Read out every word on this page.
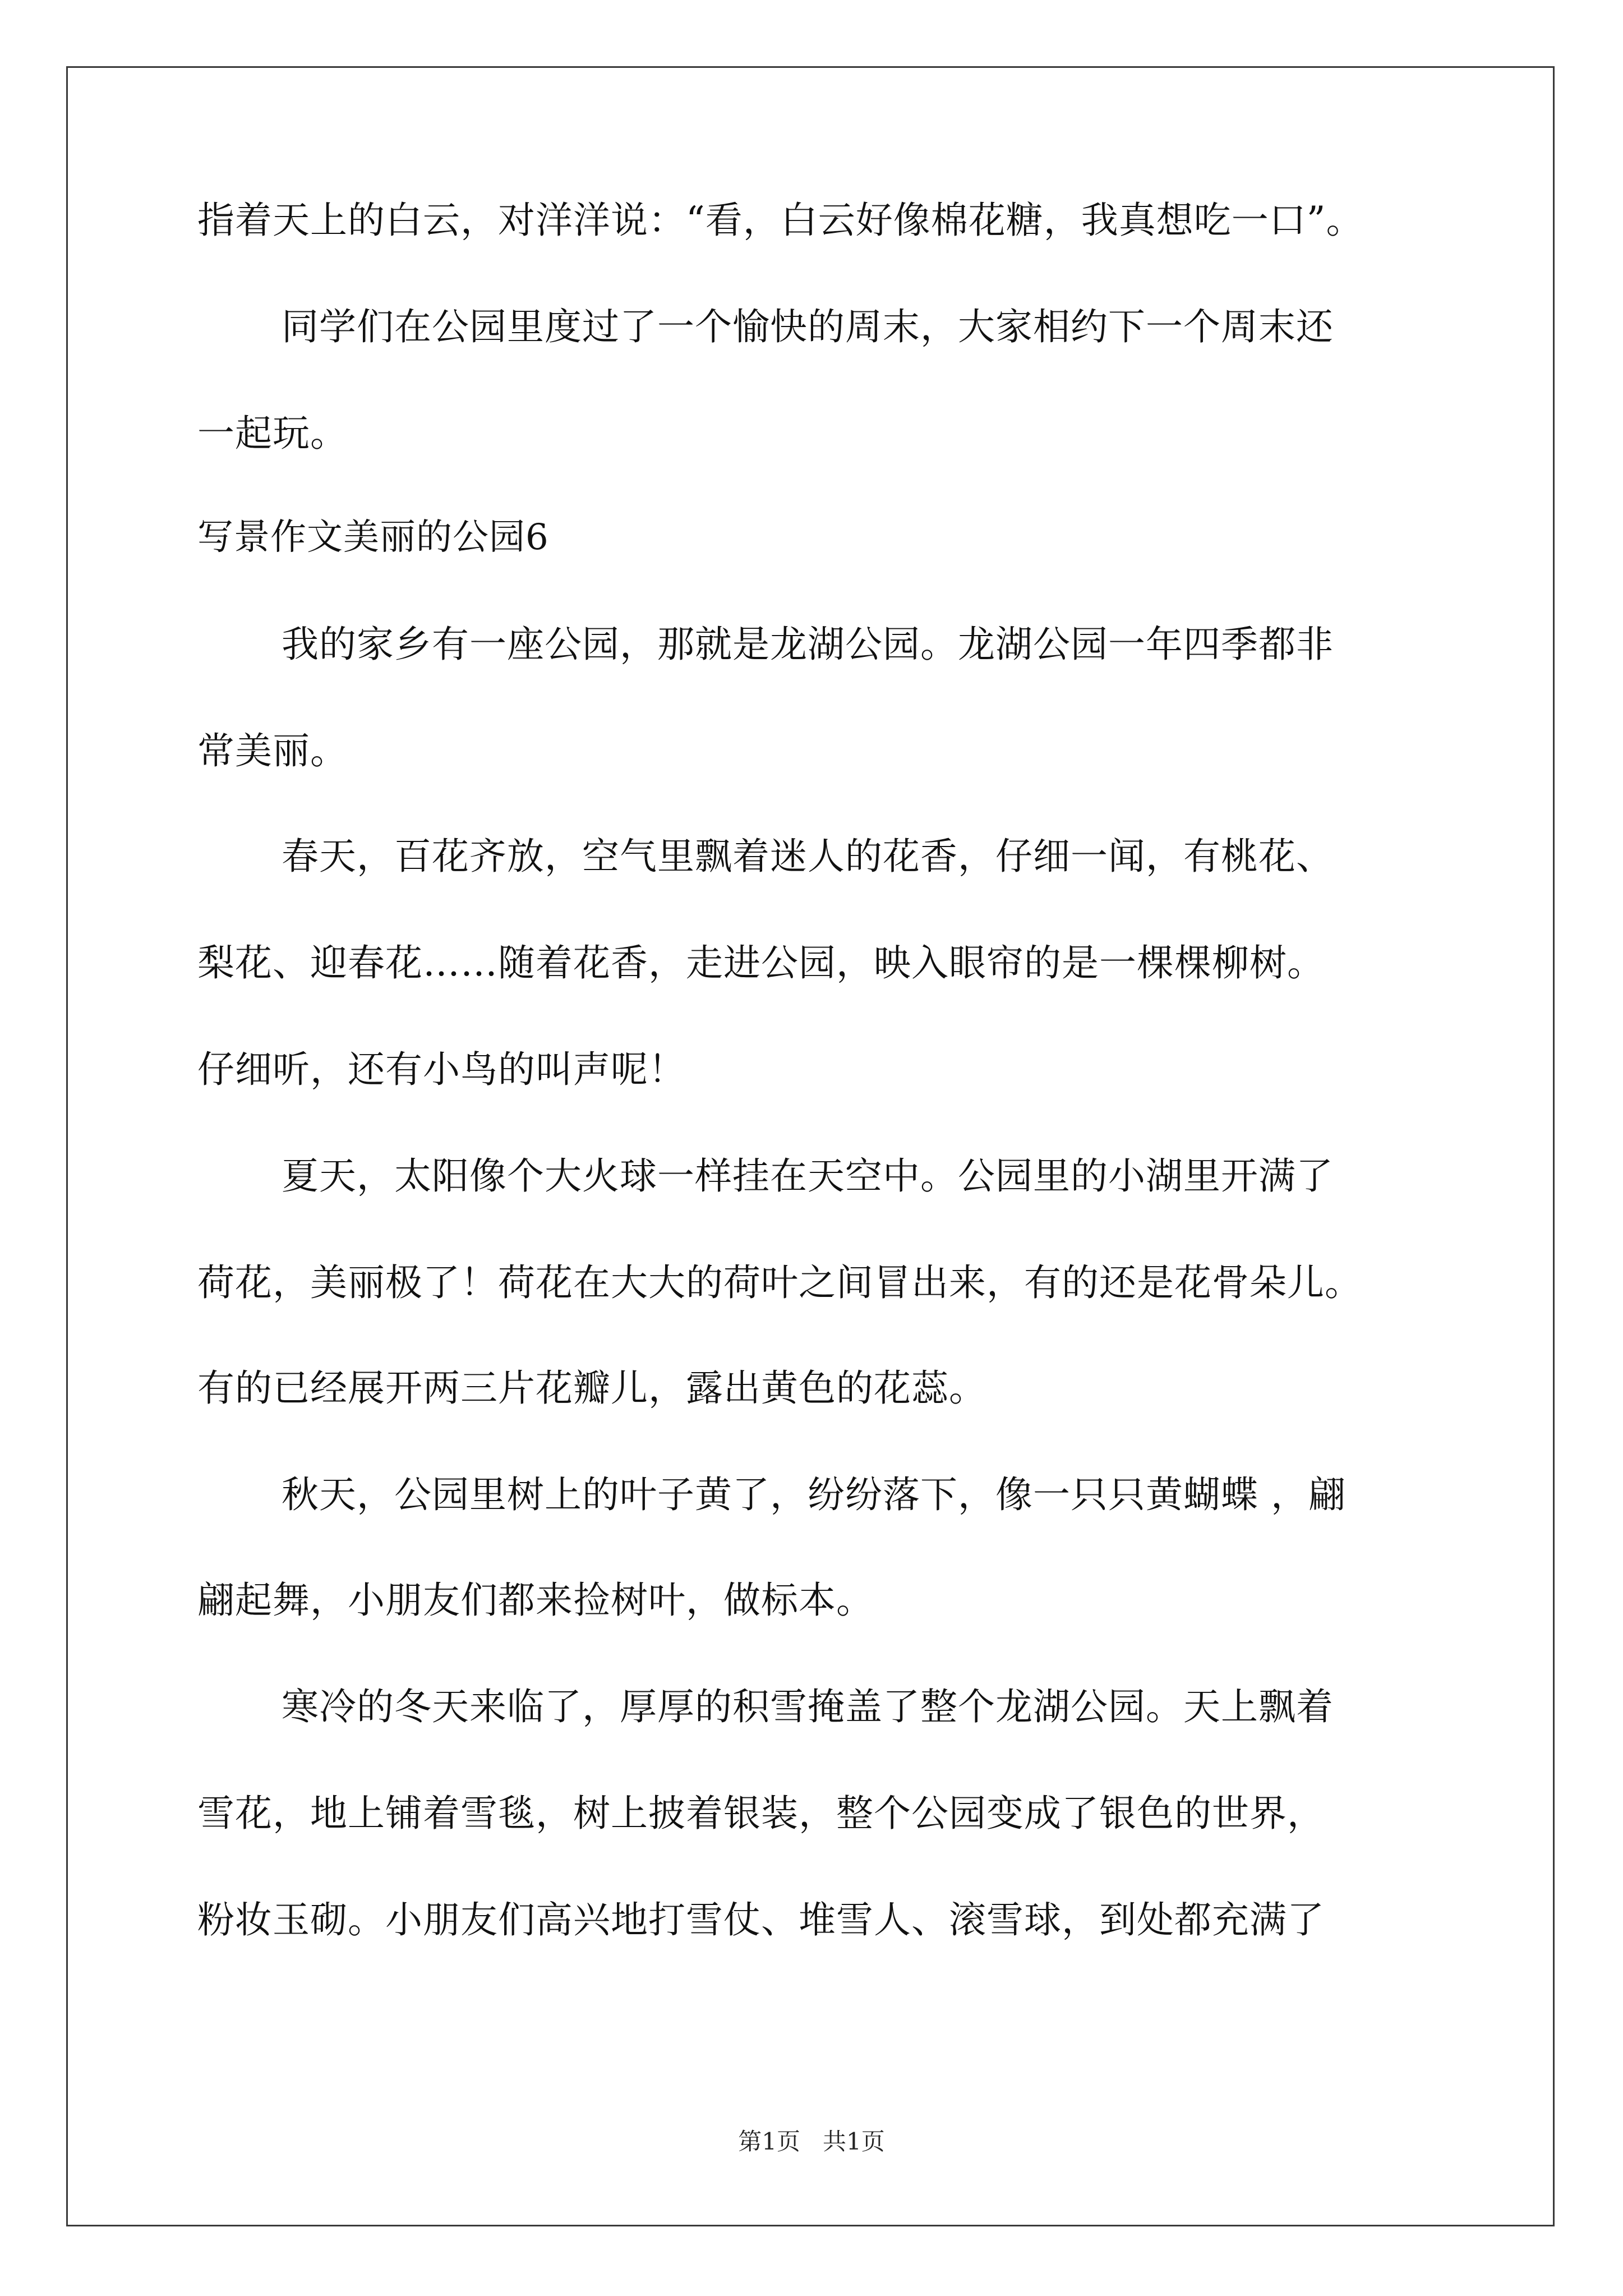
指着天上的白云，对洋洋说：“看，白云好像棉花糖，我真想吃一口”。
同学们在公园里度过了一个愉快的周末，大家相约下一个周末还
一起玩。
写景作文美丽的公园6
我的家乡有一座公园，那就是龙湖公园。龙湖公园一年四季都非
常美丽。
春天，百花齐放，空气里飘着迷人的花香，仔细一闻，有桃花、
梨花、迎春花……随着花香，走进公园，映入眼帘的是一棵棵柳树。
仔细听，还有小鸟的叫声呢！
夏天，太阳像个大火球一样挂在天空中。公园里的小湖里开满了
荷花，美丽极了！荷花在大大的荷叶之间冒出来，有的还是花骨朵儿。
有的已经展开两三片花瓣儿，露出黄色的花蕊。
秋天，公园里树上的叶子黄了，纷纷落下，像一只只黄蝴蝶 ，翩
翩起舞，小朋友们都来捡树叶，做标本。
寒冷的冬天来临了，厚厚的积雪掩盖了整个龙湖公园。天上飘着
雪花，地上铺着雪毯，树上披着银装，整个公园变成了银色的世界，
粉妆玉砌。小朋友们高兴地打雪仗、堆雪人、滚雪球，到处都充满了
第1页   共1页
